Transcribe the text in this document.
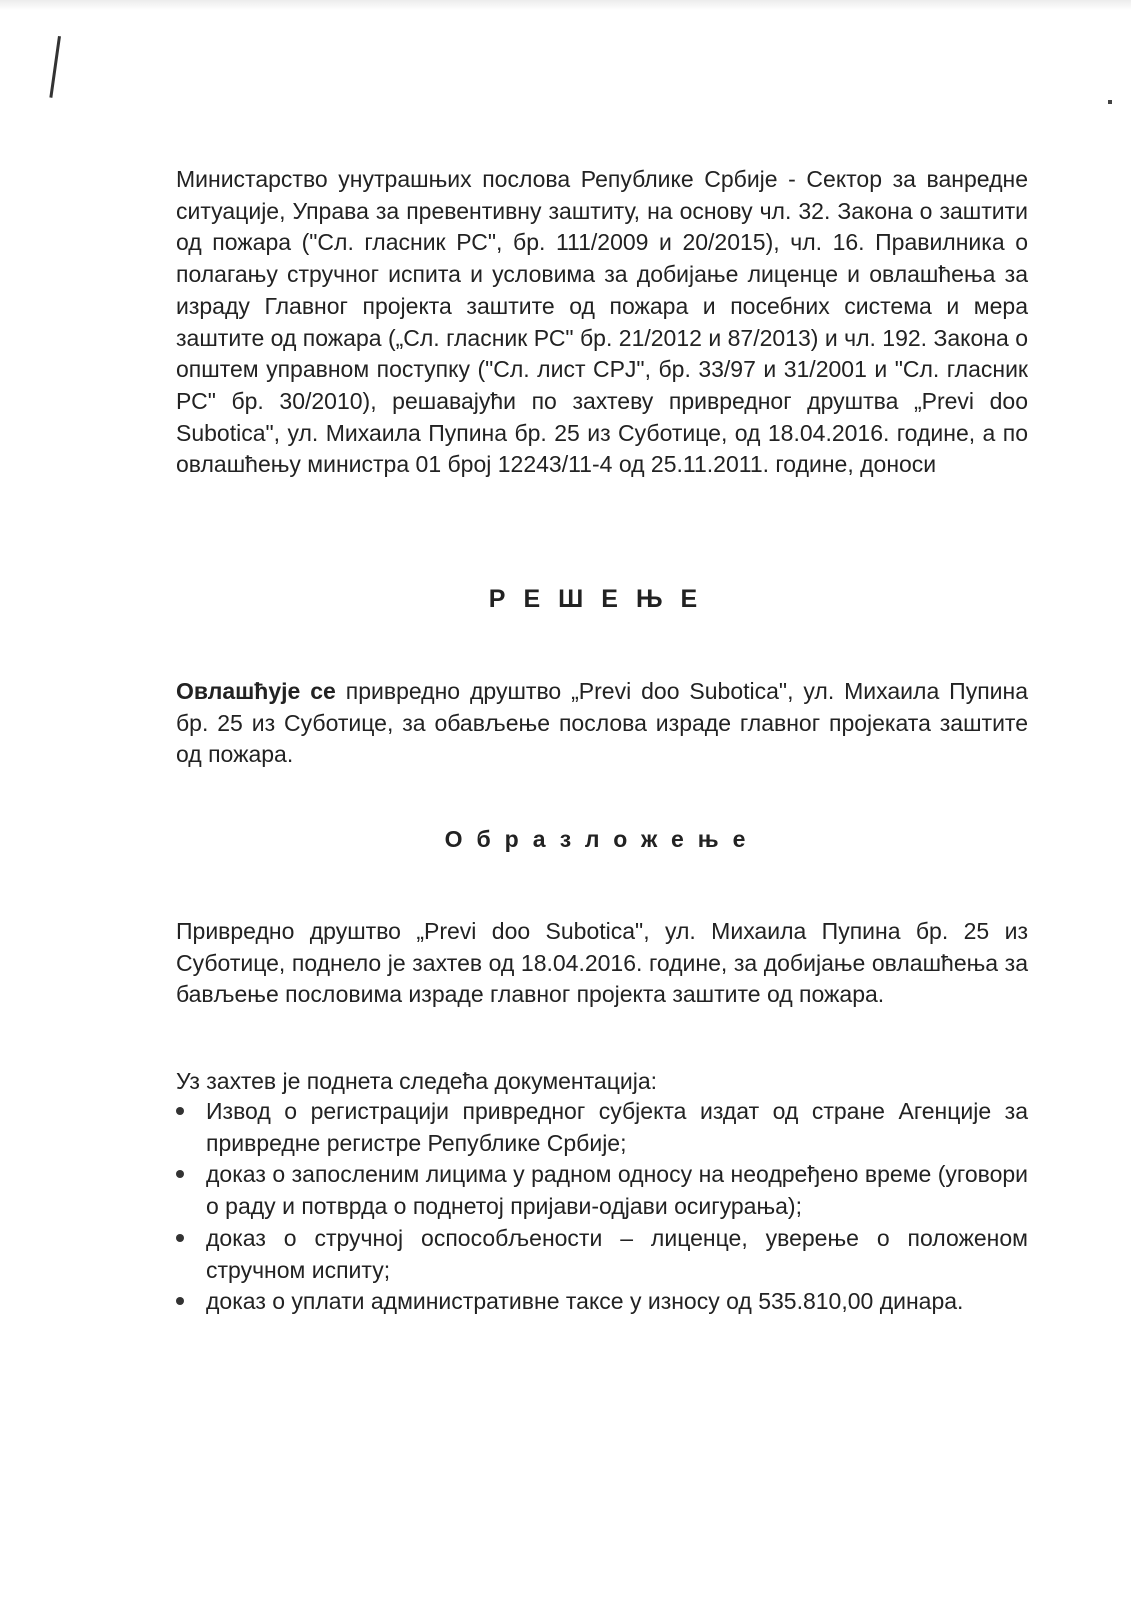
Министарство унутрашњих послова Републике Србије - Сектор за ванредне ситуације, Управа за превентивну заштиту, на основу чл. 32. Закона о заштити од пожара ("Сл. гласник РС", бр. 111/2009 и 20/2015), чл. 16. Правилника о полагању стручног испита и условима за добијање лиценце и овлашћења за израду Главног пројекта заштите од пожара и посебних система и мера заштите од пожара („Сл. гласник РС" бр. 21/2012 и 87/2013) и чл. 192. Закона о општем управном поступку ("Сл. лист СРЈ", бр. 33/97 и 31/2001 и "Сл. гласник РС" бр. 30/2010), решавајући по захтеву привредног друштва „Previ doo Subotica", ул. Михаила Пупина бр. 25 из Суботице, од 18.04.2016. године, а по овлашћењу министра 01 број 12243/11-4 од 25.11.2011. године, доноси
РЕШЕЊЕ
Овлашћује се привредно друштво „Previ doo Subotica", ул. Михаила Пупина бр. 25 из Суботице, за обављење послова израде главног пројеката заштите од пожара.
Образложење
Привредно друштво „Previ doo Subotica", ул. Михаила Пупина бр. 25 из Суботице, поднело је захтев од 18.04.2016. године, за добијање овлашћења за бављење пословима израде главног пројекта заштите од пожара.
Уз захтев је поднета следећа документација:
Извод о регистрацији привредног субјекта издат од стране Агенције за привредне регистре Републике Србије;
доказ о запосленим лицима у радном односу на неодређено време (уговори о раду и потврда о поднетој пријави-одјави осигурања);
доказ о стручној оспособљености – лиценце, уверење о положеном стручном испиту;
доказ о уплати административне таксе у износу од 535.810,00 динара.
